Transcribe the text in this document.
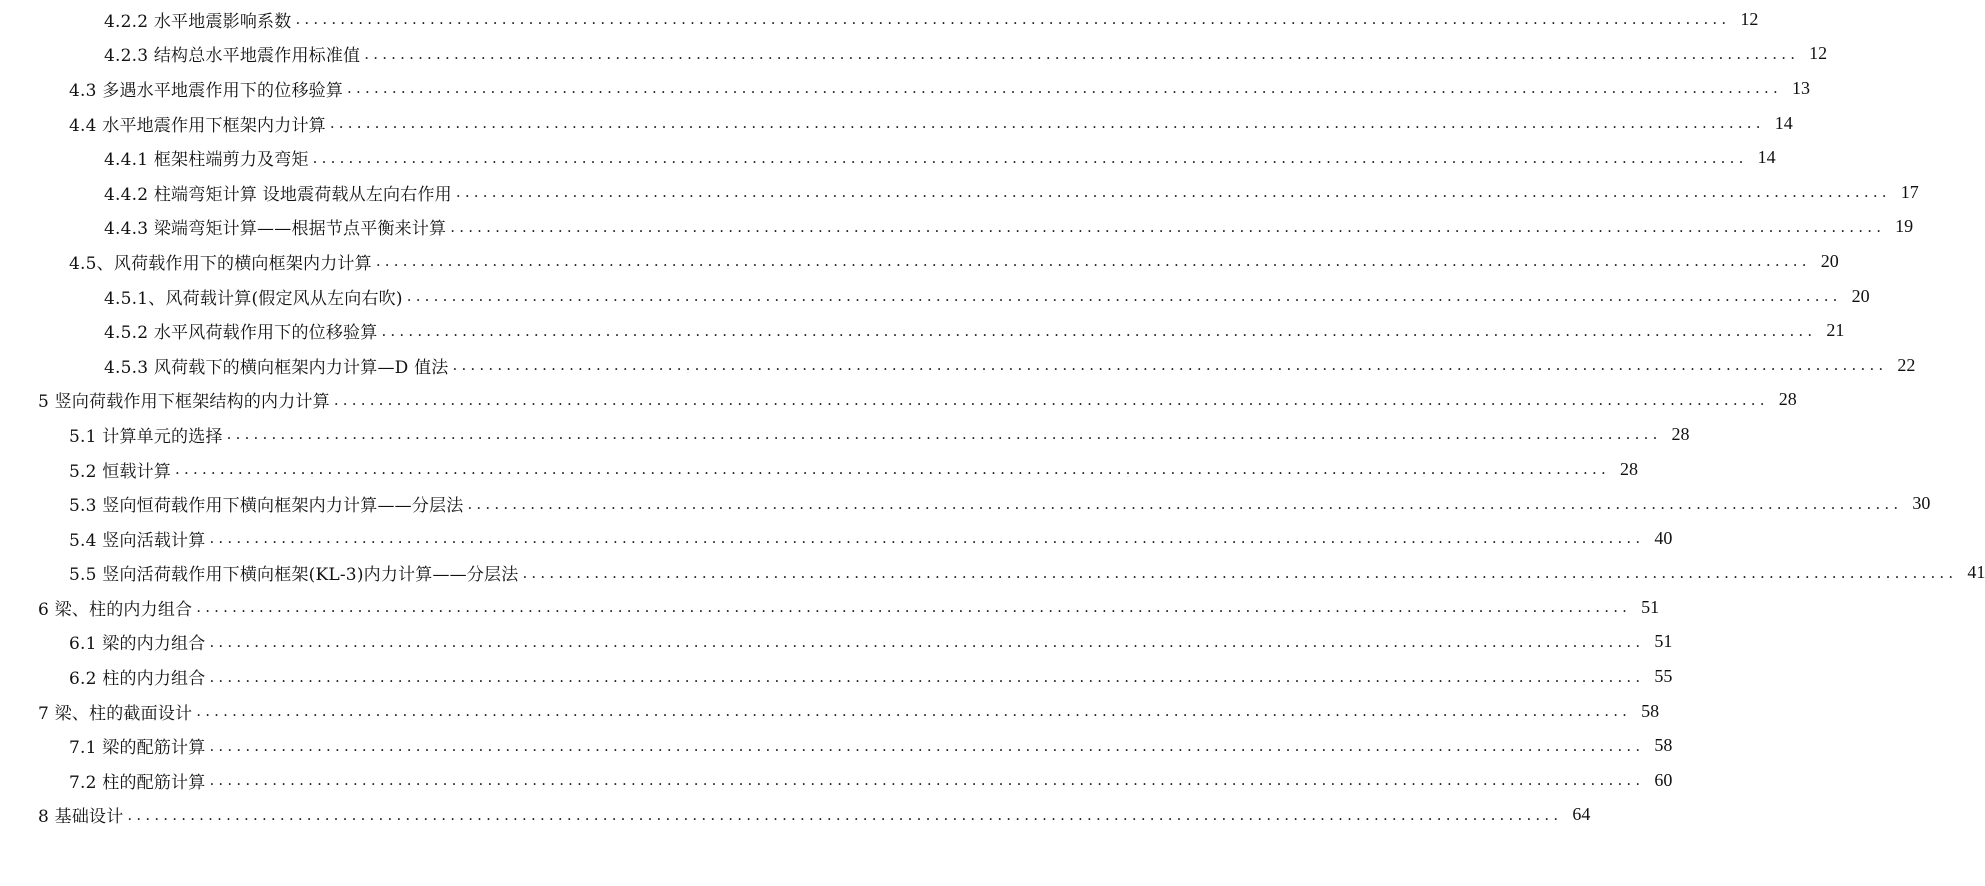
4.2.2 水平地震影响系数 ................................................................................................................................................................ 12
4.2.3 结构总水平地震作用标准值 ................................................................................................................................................................ 12
4.3 多遇水平地震作用下的位移验算 ................................................................................................................................................................ 13
4.4 水平地震作用下框架内力计算 ................................................................................................................................................................ 14
4.4.1 框架柱端剪力及弯矩 ................................................................................................................................................................ 14
4.4.2 柱端弯矩计算 设地震荷载从左向右作用 ................................................................................................................................................................ 17
4.4.3 梁端弯矩计算——根据节点平衡来计算 ................................................................................................................................................................ 19
4.5、风荷载作用下的横向框架内力计算 ................................................................................................................................................................ 20
4.5.1、风荷载计算(假定风从左向右吹) ................................................................................................................................................................ 20
4.5.2 水平风荷载作用下的位移验算 ................................................................................................................................................................ 21
4.5.3 风荷载下的横向框架内力计算—D 值法 ................................................................................................................................................................ 22
5 竖向荷载作用下框架结构的内力计算 ................................................................................................................................................................ 28
5.1 计算单元的选择 ................................................................................................................................................................ 28
5.2 恒载计算 ................................................................................................................................................................ 28
5.3 竖向恒荷载作用下横向框架内力计算——分层法 ................................................................................................................................................................ 30
5.4 竖向活载计算 ................................................................................................................................................................ 40
5.5 竖向活荷载作用下横向框架(KL-3)内力计算——分层法 ................................................................................................................................................................ 41
6 梁、柱的内力组合 ................................................................................................................................................................ 51
6.1 梁的内力组合 ................................................................................................................................................................ 51
6.2 柱的内力组合 ................................................................................................................................................................ 55
7 梁、柱的截面设计 ................................................................................................................................................................ 58
7.1 梁的配筋计算 ................................................................................................................................................................ 58
7.2 柱的配筋计算 ................................................................................................................................................................ 60
8 基础设计 ................................................................................................................................................................ 64
